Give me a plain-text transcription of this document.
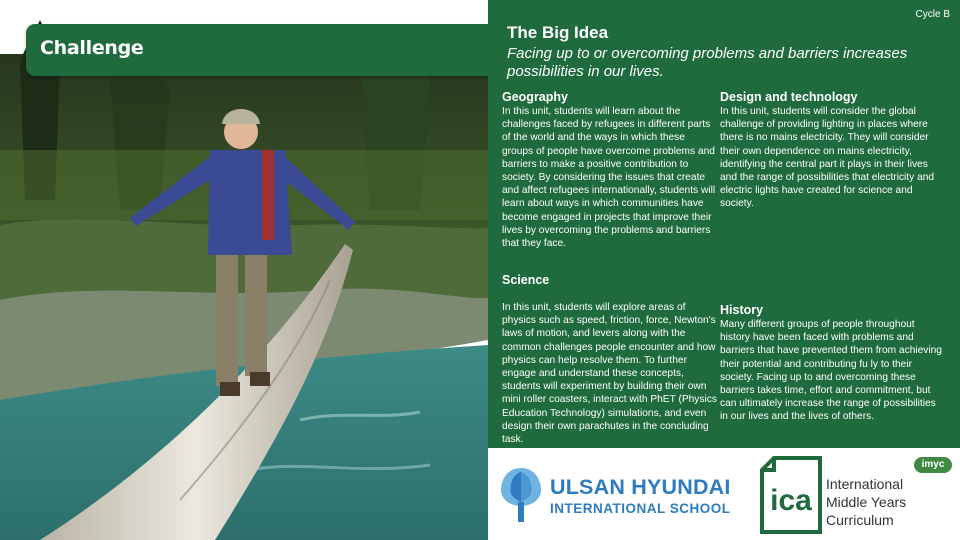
Challenge
Cycle B
The Big Idea
Facing up to or overcoming problems and barriers increases possibilities in our lives.
Geography
In this unit, students will learn about the challenges faced by refugees in different parts of the world and the ways in which these groups of people have overcome problems and barriers to make a positive contribution to society. By considering the issues that create and affect refugees internationally, students will learn about ways in which communities have become engaged in projects that improve their lives by overcoming the problems and barriers that they face.
Design and technology
In this unit, students will consider the global challenge of providing lighting in places where there is no mains electricity. They will consider their own dependence on mains electricity, identifying the central part it plays in their lives and the range of possibilities that electricity and electric lights have created for science and society.
Science
In this unit, students will explore areas of physics such as speed, friction, force, Newton's laws of motion, and levers along with the common challenges people encounter and how physics can help resolve them. To further engage and understand these concepts, students will experiment by building their own mini roller coasters, interact with PhET (Physics Education Technology) simulations, and even design their own parachutes in the concluding task.
History
Many different groups of people throughout history have been faced with problems and barriers that have prevented them from achieving their potential and contributing fu ly to their society. Facing up to and overcoming these barriers takes time, effort and commitment, but can ultimately increase the range of possibilities in our lives and the lives of others.
ULSAN HYUNDAI
INTERNATIONAL SCHOOL ica
imyc
International
Middle Years
Curriculum
